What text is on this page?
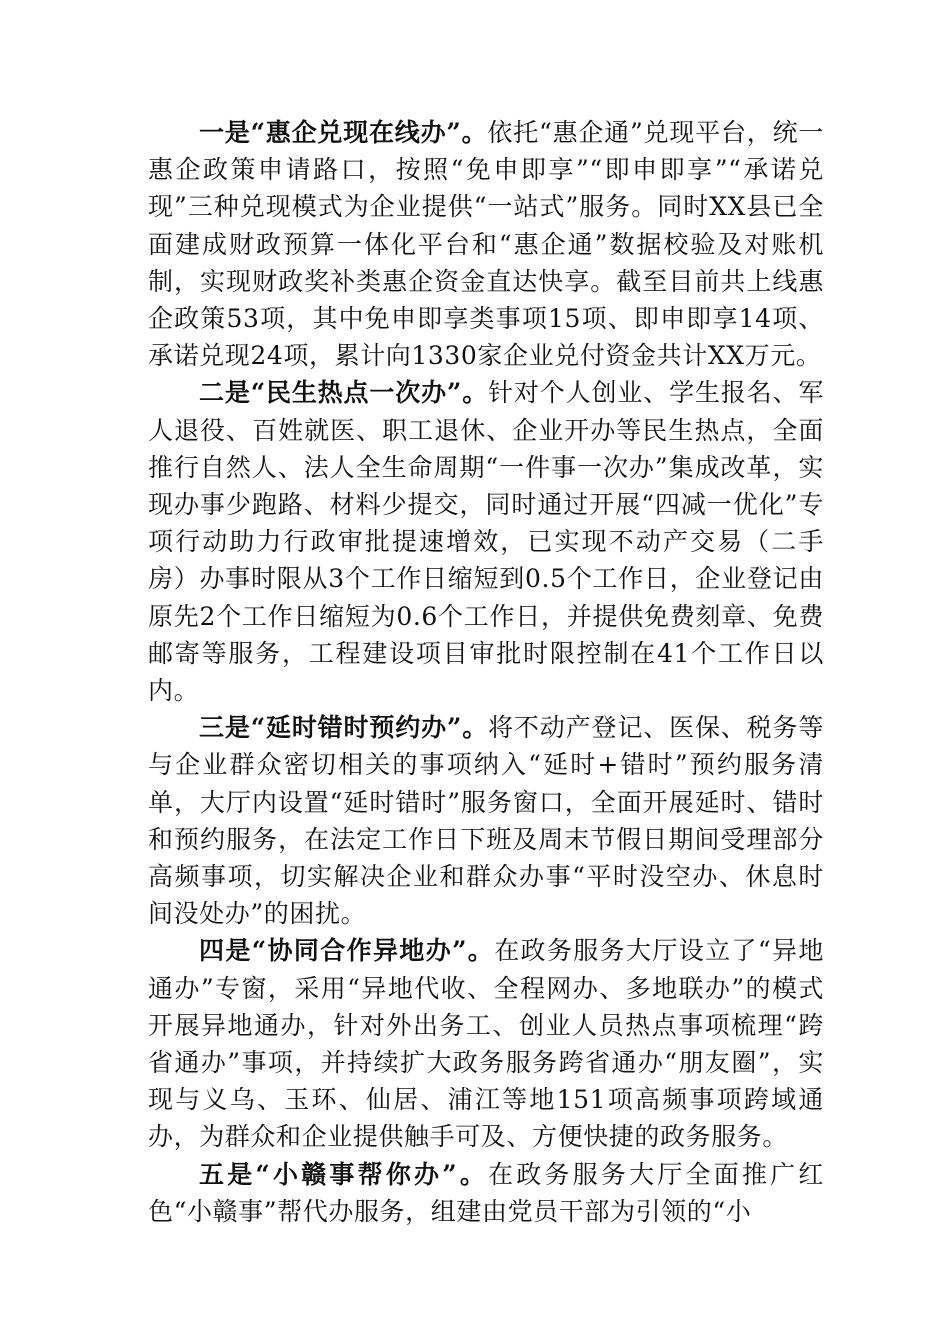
一是“惠企兑现在线办”。依托“惠企通”兑现平台，统一惠企政策申请路口，按照“免申即享”“即申即享”“承诺兑现”三种兑现模式为企业提供“一站式”服务。同时XX县已全面建成财政预算一体化平台和“惠企通”数据校验及对账机制，实现财政奖补类惠企资金直达快享。截至目前共上线惠企政策53项，其中免申即享类事项15项、即申即享14项、承诺兑现24项，累计向1330家企业兑付资金共计XX万元。

二是“民生热点一次办”。针对个人创业、学生报名、军人退役、百姓就医、职工退休、企业开办等民生热点，全面推行自然人、法人全生命周期“一件事一次办”集成改革，实现办事少跑路、材料少提交，同时通过开展“四减一优化”专项行动助力行政审批提速增效，已实现不动产交易（二手房）办事时限从3个工作日缩短到0.5个工作日，企业登记由原先2个工作日缩短为0.6个工作日，并提供免费刻章、免费邮寄等服务，工程建设项目审批时限控制在41个工作日以内。

三是“延时错时预约办”。将不动产登记、医保、税务等与企业群众密切相关的事项纳入“延时+错时”预约服务清单，大厅内设置“延时错时”服务窗口，全面开展延时、错时和预约服务，在法定工作日下班及周末节假日期间受理部分高频事项，切实解决企业和群众办事“平时没空办、休息时间没处办”的困扰。

四是“协同合作异地办”。在政务服务大厅设立了“异地通办”专窗，采用“异地代收、全程网办、多地联办”的模式开展异地通办，针对外出务工、创业人员热点事项梳理“跨省通办”事项，并持续扩大政务服务跨省通办“朋友圈”，实现与义乌、玉环、仙居、浦江等地151项高频事项跨域通办，为群众和企业提供触手可及、方便快捷的政务服务。

五是“小赣事帮你办”。在政务服务大厅全面推广红色“小赣事”帮代办服务，组建由党员干部为引领的“小
